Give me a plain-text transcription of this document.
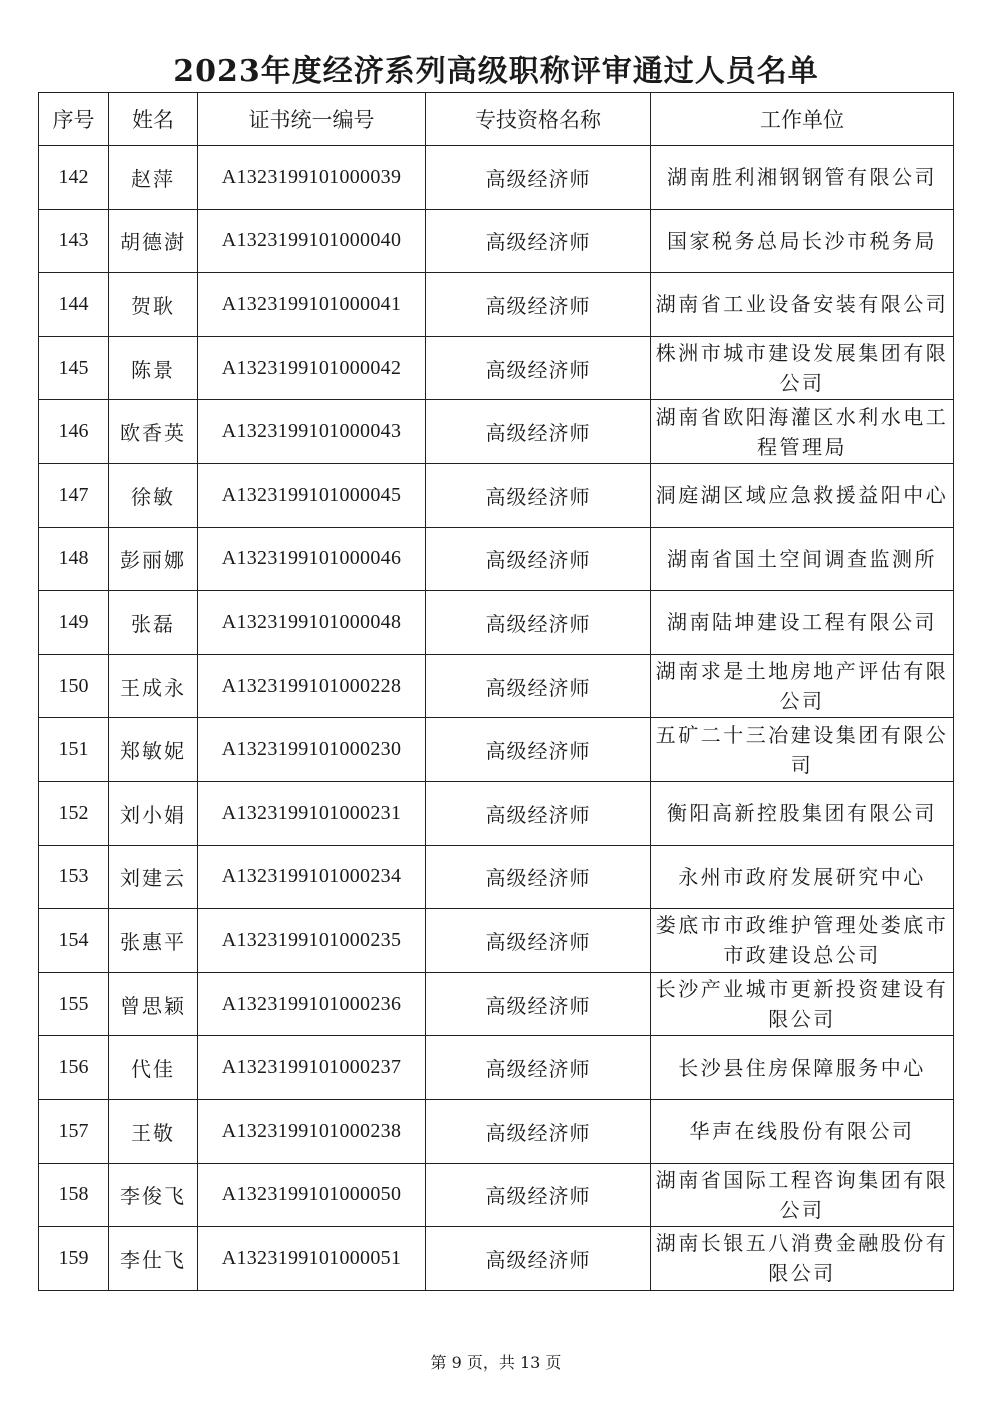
2023年度经济系列高级职称评审通过人员名单
序号	姓名	证书统一编号	专技资格名称	工作单位
142	赵萍	A1323199101000039	高级经济师	湖南胜利湘钢钢管有限公司
143	胡德澍	A1323199101000040	高级经济师	国家税务总局长沙市税务局
144	贺耿	A1323199101000041	高级经济师	湖南省工业设备安装有限公司
145	陈景	A1323199101000042	高级经济师	株洲市城市建设发展集团有限公司
146	欧香英	A1323199101000043	高级经济师	湖南省欧阳海灌区水利水电工程管理局
147	徐敏	A1323199101000045	高级经济师	洞庭湖区域应急救援益阳中心
148	彭丽娜	A1323199101000046	高级经济师	湖南省国土空间调查监测所
149	张磊	A1323199101000048	高级经济师	湖南陆坤建设工程有限公司
150	王成永	A1323199101000228	高级经济师	湖南求是土地房地产评估有限公司
151	郑敏妮	A1323199101000230	高级经济师	五矿二十三冶建设集团有限公司
152	刘小娟	A1323199101000231	高级经济师	衡阳高新控股集团有限公司
153	刘建云	A1323199101000234	高级经济师	永州市政府发展研究中心
154	张惠平	A1323199101000235	高级经济师	娄底市市政维护管理处娄底市市政建设总公司
155	曾思颖	A1323199101000236	高级经济师	长沙产业城市更新投资建设有限公司
156	代佳	A1323199101000237	高级经济师	长沙县住房保障服务中心
157	王敬	A1323199101000238	高级经济师	华声在线股份有限公司
158	李俊飞	A1323199101000050	高级经济师	湖南省国际工程咨询集团有限公司
159	李仕飞	A1323199101000051	高级经济师	湖南长银五八消费金融股份有限公司
第 9 页，共 13 页
